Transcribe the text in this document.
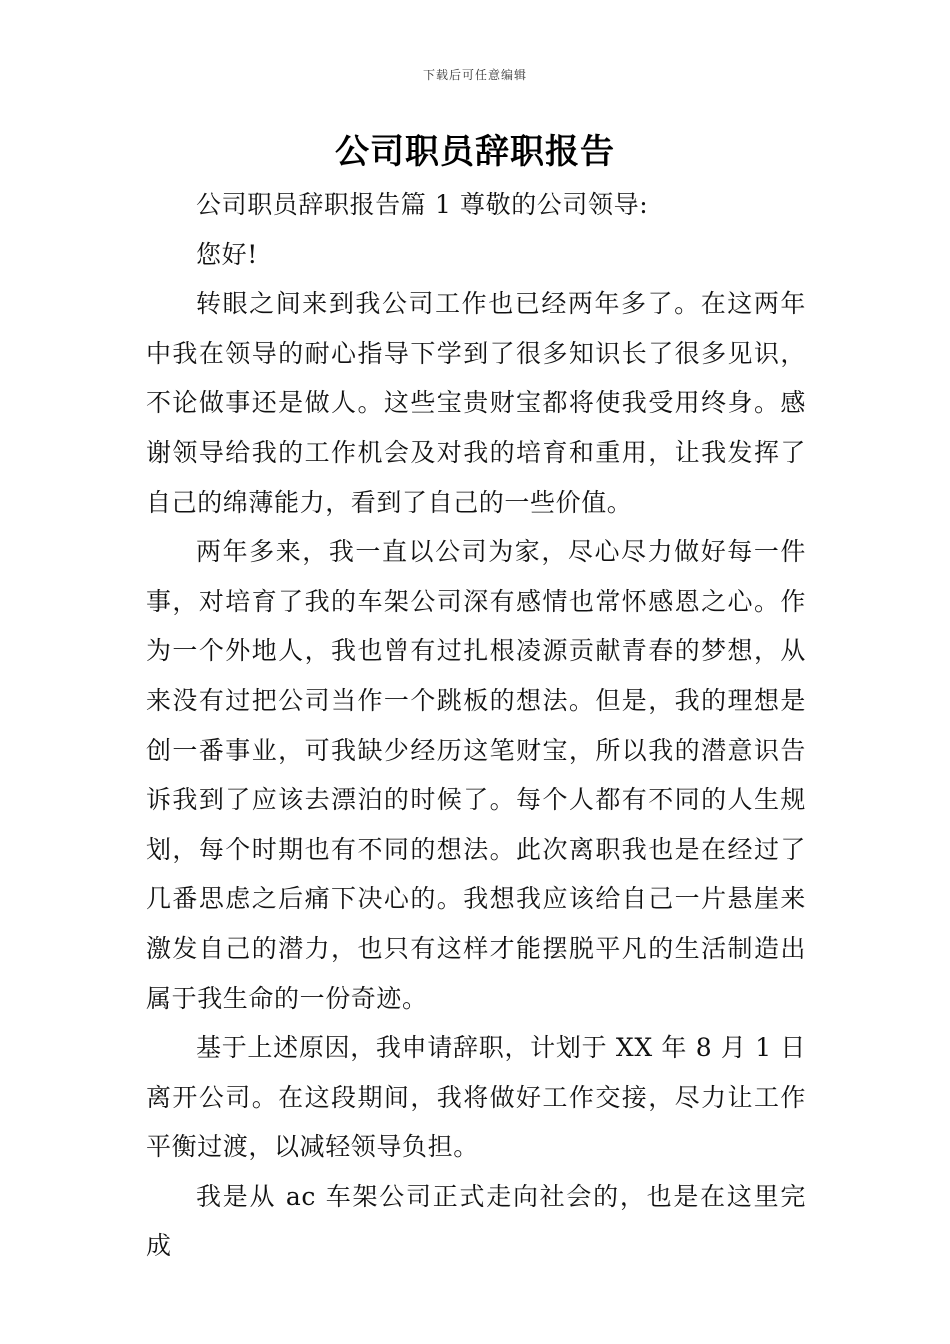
下载后可任意编辑
公司职员辞职报告

公司职员辞职报告篇 1 尊敬的公司领导:

您好!

转眼之间来到我公司工作也已经两年多了。在这两年中我在领导的耐心指导下学到了很多知识长了很多见识，不论做事还是做人。这些宝贵财宝都将使我受用终身。感谢领导给我的工作机会及对我的培育和重用，让我发挥了自己的绵薄能力，看到了自己的一些价值。

两年多来，我一直以公司为家，尽心尽力做好每一件事，对培育了我的车架公司深有感情也常怀感恩之心。作为一个外地人，我也曾有过扎根凌源贡献青春的梦想，从来没有过把公司当作一个跳板的想法。但是，我的理想是创一番事业，可我缺少经历这笔财宝，所以我的潜意识告诉我到了应该去漂泊的时候了。每个人都有不同的人生规划，每个时期也有不同的想法。此次离职我也是在经过了几番思虑之后痛下决心的。我想我应该给自己一片悬崖来激发自己的潜力，也只有这样才能摆脱平凡的生活制造出属于我生命的一份奇迹。

基于上述原因，我申请辞职，计划于 XX 年 8 月 1 日离开公司。在这段期间，我将做好工作交接，尽力让工作平衡过渡，以减轻领导负担。

我是从 ac 车架公司正式走向社会的，也是在这里完成
